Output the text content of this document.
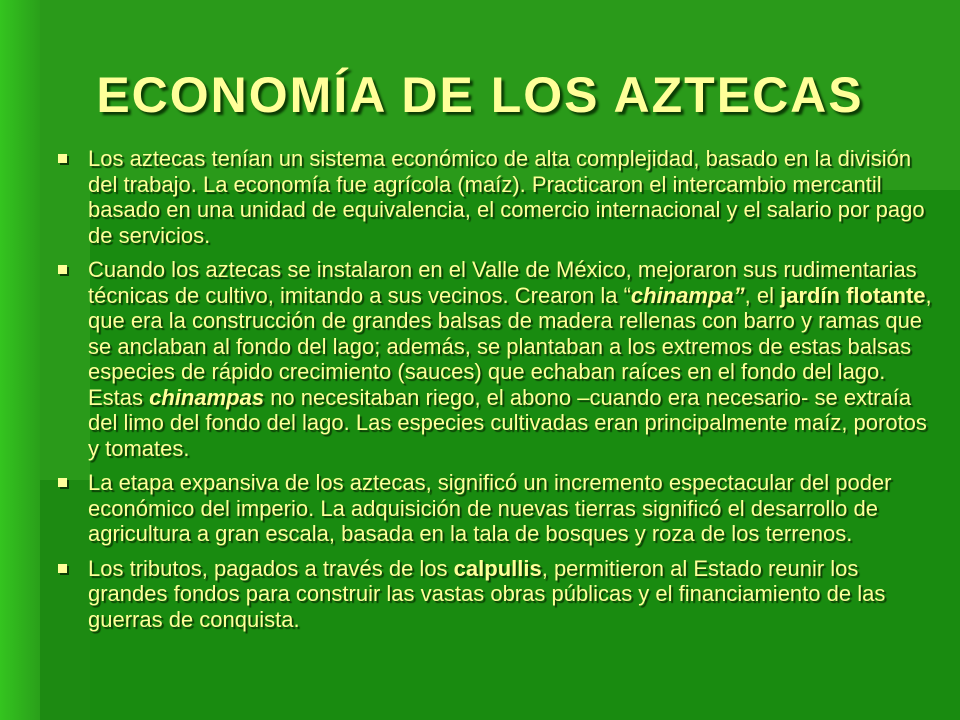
ECONOMÍA DE LOS AZTECAS
Los aztecas tenían un sistema económico de alta complejidad, basado en la división del trabajo. La economía fue agrícola (maíz). Practicaron el intercambio mercantil basado en una unidad de equivalencia, el comercio internacional y el salario por pago de servicios.
Cuando los aztecas se instalaron en el Valle de México, mejoraron sus rudimentarias técnicas de cultivo, imitando a sus vecinos. Crearon la “chinampa”, el jardín flotante, que era la construcción de grandes balsas de madera rellenas con barro y ramas que se anclaban al fondo del lago; además, se plantaban a los extremos de estas balsas especies de rápido crecimiento (sauces) que echaban raíces en el fondo del lago. Estas chinampas no necesitaban riego, el abono –cuando era necesario- se extraía del limo del fondo del lago. Las especies cultivadas eran principalmente maíz, porotos y tomates.
La etapa expansiva de los aztecas, significó un incremento espectacular del poder económico del imperio. La adquisición de nuevas tierras significó el desarrollo de agricultura a gran escala, basada en la tala de bosques y roza de los terrenos.
Los tributos, pagados a través de los calpullis, permitieron al Estado reunir los grandes fondos para construir las vastas obras públicas y el financiamiento de las guerras de conquista.
